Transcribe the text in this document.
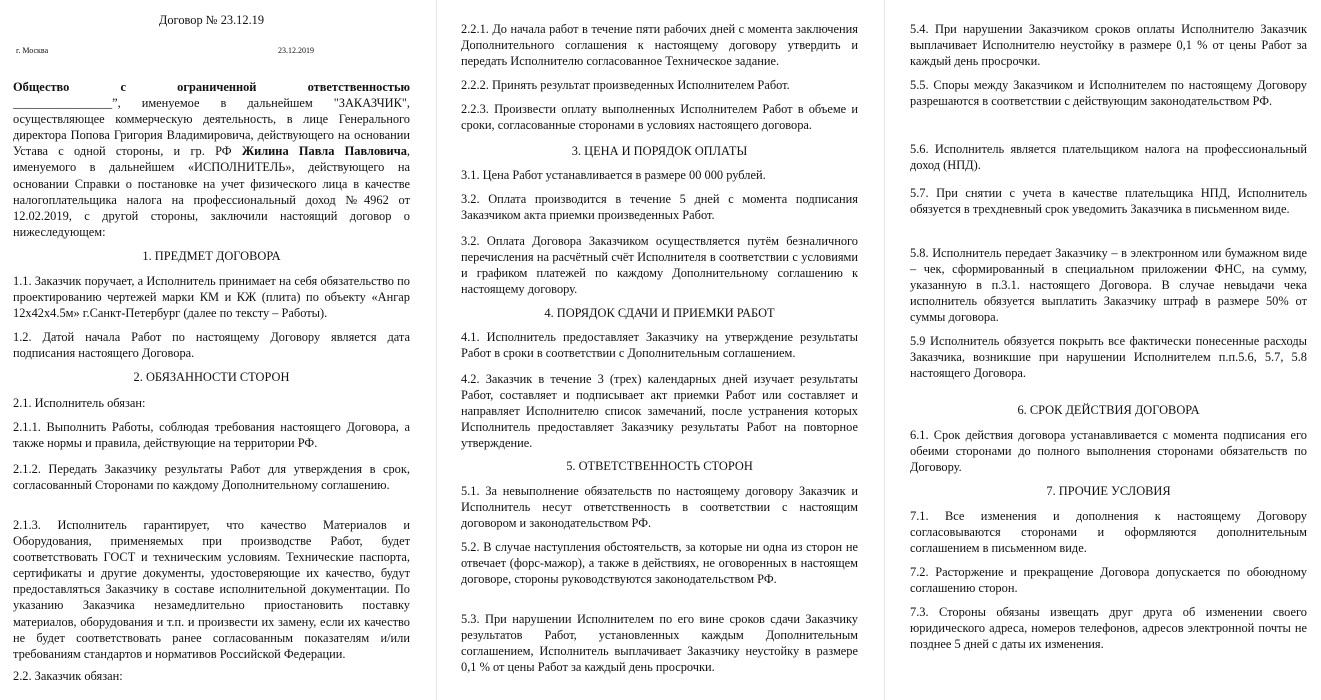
Договор № 23.12.19
г. Москва	23.12.2019

Общество с ограниченной ответственностью

________________”, именуемое в дальнейшем "ЗАКАЗЧИК", осуществляющее коммерческую деятельность, в лице Генерального директора Попова Григория Владимировича, действующего на основании Устава с одной стороны, и гр. РФ Жилина Павла Павловича, именуемого в дальнейшем «ИСПОЛНИТЕЛЬ», действующего на основании Справки о постановке на учет физического лица в качестве налогоплательщика налога на профессиональный доход №4962 от 12.02.2019, с другой стороны, заключили настоящий договор о нижеследующем:

1. ПРЕДМЕТ ДОГОВОРА

1.1. Заказчик поручает, а Исполнитель принимает на себя обязательство по проектированию чертежей марки КМ и КЖ (плита) по объекту «Ангар 12х42х4.5м» г.Санкт-Петербург (далее по тексту – Работы).

1.2. Датой начала Работ по настоящему Договору является дата подписания настоящего Договора.

2. ОБЯЗАННОСТИ СТОРОН

2.1. Исполнитель обязан:

2.1.1. Выполнить Работы, соблюдая требования настоящего Договора, а также нормы и правила, действующие на территории РФ.

2.1.2. Передать Заказчику результаты Работ для утверждения в срок, согласованный Сторонами по каждому Дополнительному соглашению.

2.1.3. Исполнитель гарантирует, что качество Материалов и Оборудования, применяемых при производстве Работ, будет соответствовать ГОСТ и техническим условиям. Технические паспорта, сертификаты и другие документы, удостоверяющие их качество, будут предоставляться Заказчику в составе исполнительной документации. По указанию Заказчика незамедлительно приостановить поставку материалов, оборудования и т.п. и произвести их замену, если их качество не будет соответствовать ранее согласованным показателям и/или требованиям стандартов и нормативов Российской Федерации.

2.2. Заказчик обязан:

2.2.1. До начала работ в течение пяти рабочих дней с момента заключения Дополнительного соглашения к настоящему договору утвердить и передать Исполнителю согласованное Техническое задание.

2.2.2. Принять результат произведенных Исполнителем Работ.

2.2.3. Произвести оплату выполненных Исполнителем Работ в объеме и сроки, согласованные сторонами в условиях настоящего договора.

3. ЦЕНА И ПОРЯДОК ОПЛАТЫ

3.1. Цена Работ устанавливается в размере 00 000 рублей.

3.2. Оплата производится в течение 5 дней с момента подписания Заказчиком акта приемки произведенных Работ.

3.2. Оплата Договора Заказчиком осуществляется путём безналичного перечисления на расчётный счёт Исполнителя в соответствии с условиями и графиком платежей по каждому Дополнительному соглашению к настоящему договору.

4. ПОРЯДОК СДАЧИ И ПРИЕМКИ РАБОТ

4.1. Исполнитель предоставляет Заказчику на утверждение результаты Работ в сроки в соответствии с Дополнительным соглашением.

4.2. Заказчик в течение 3 (трех) календарных дней изучает результаты Работ, составляет и подписывает акт приемки Работ или составляет и направляет Исполнителю список замечаний, после устранения которых Исполнитель предоставляет Заказчику результаты Работ на повторное утверждение.

5. ОТВЕТСТВЕННОСТЬ СТОРОН

5.1. За невыполнение обязательств по настоящему договору Заказчик и Исполнитель несут ответственность в соответствии с настоящим договором и законодательством РФ.

5.2. В случае наступления обстоятельств, за которые ни одна из сторон не отвечает (форс-мажор), а также в действиях, не оговоренных в настоящем договоре, стороны руководствуются законодательством РФ.

5.3. При нарушении Исполнителем по его вине сроков сдачи Заказчику результатов Работ, установленных каждым Дополнительным соглашением, Исполнитель выплачивает Заказчику неустойку в размере 0,1 % от цены Работ за каждый день просрочки.

5.4. При нарушении Заказчиком сроков оплаты Исполнителю Заказчик выплачивает Исполнителю неустойку в размере 0,1 % от цены Работ за каждый день просрочки.

5.5. Споры между Заказчиком и Исполнителем по настоящему Договору разрешаются в соответствии с действующим законодательством РФ.

5.6. Исполнитель является плательщиком налога на профессиональный доход (НПД).

5.7. При снятии с учета в качестве плательщика НПД, Исполнитель обязуется в трехдневный срок уведомить Заказчика в письменном виде.

5.8. Исполнитель передает Заказчику – в электронном или бумажном виде – чек, сформированный в специальном приложении ФНС, на сумму, указанную в п.3.1. настоящего Договора. В случае невыдачи чека исполнитель обязуется выплатить Заказчику штраф в размере 50% от суммы договора.

5.9 Исполнитель обязуется покрыть все фактически понесенные расходы Заказчика, возникшие при нарушении Исполнителем п.п.5.6, 5.7, 5.8 настоящего Договора.

6. СРОК ДЕЙСТВИЯ ДОГОВОРА

6.1. Срок действия договора устанавливается с момента подписания его обеими сторонами до полного выполнения сторонами обязательств по Договору.

7. ПРОЧИЕ УСЛОВИЯ

7.1. Все изменения и дополнения к настоящему Договору согласовываются сторонами и оформляются дополнительным соглашением в письменном виде.

7.2. Расторжение и прекращение Договора допускается по обоюдному соглашению сторон.

7.3. Стороны обязаны извещать друг друга об изменении своего юридического адреса, номеров телефонов, адресов электронной почты не позднее 5 дней с даты их изменения.
